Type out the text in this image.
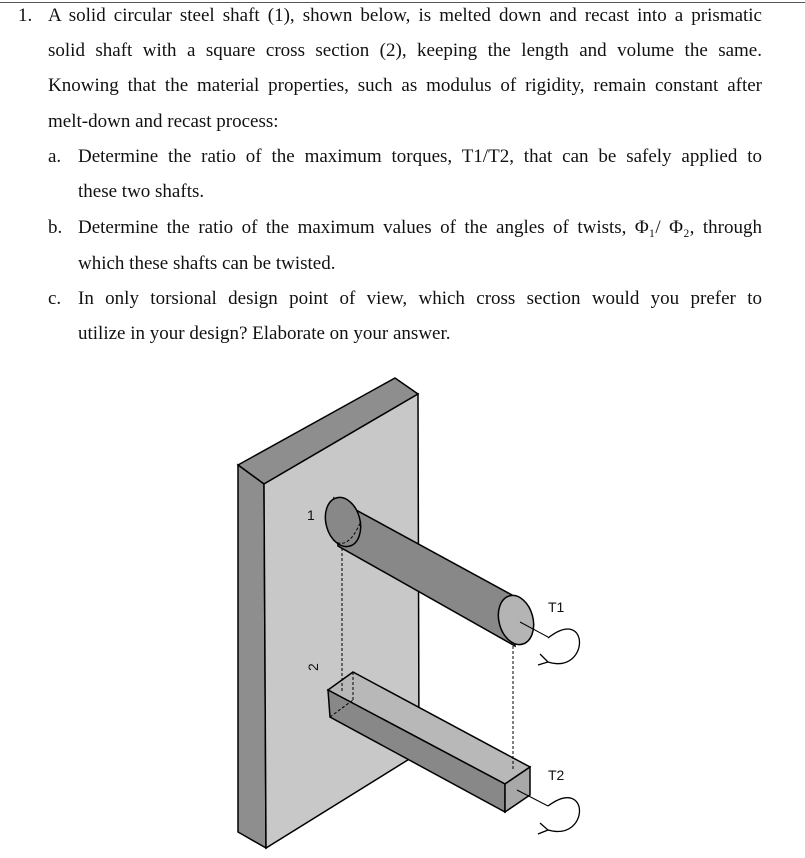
1. A solid circular steel shaft (1), shown below, is melted down and recast into a prismatic
solid shaft with a square cross section (2), keeping the length and volume the same.
Knowing that the material properties, such as modulus of rigidity, remain constant after
melt-down and recast process:
a. Determine the ratio of the maximum torques, T1/T2, that can be safely applied to
these two shafts.
b. Determine the ratio of the maximum values of the angles of twists, Φ₁/ Φ₂, through
which these shafts can be twisted.
c. In only torsional design point of view, which cross section would you prefer to
utilize in your design? Elaborate on your answer.
1
2
T1
T2
